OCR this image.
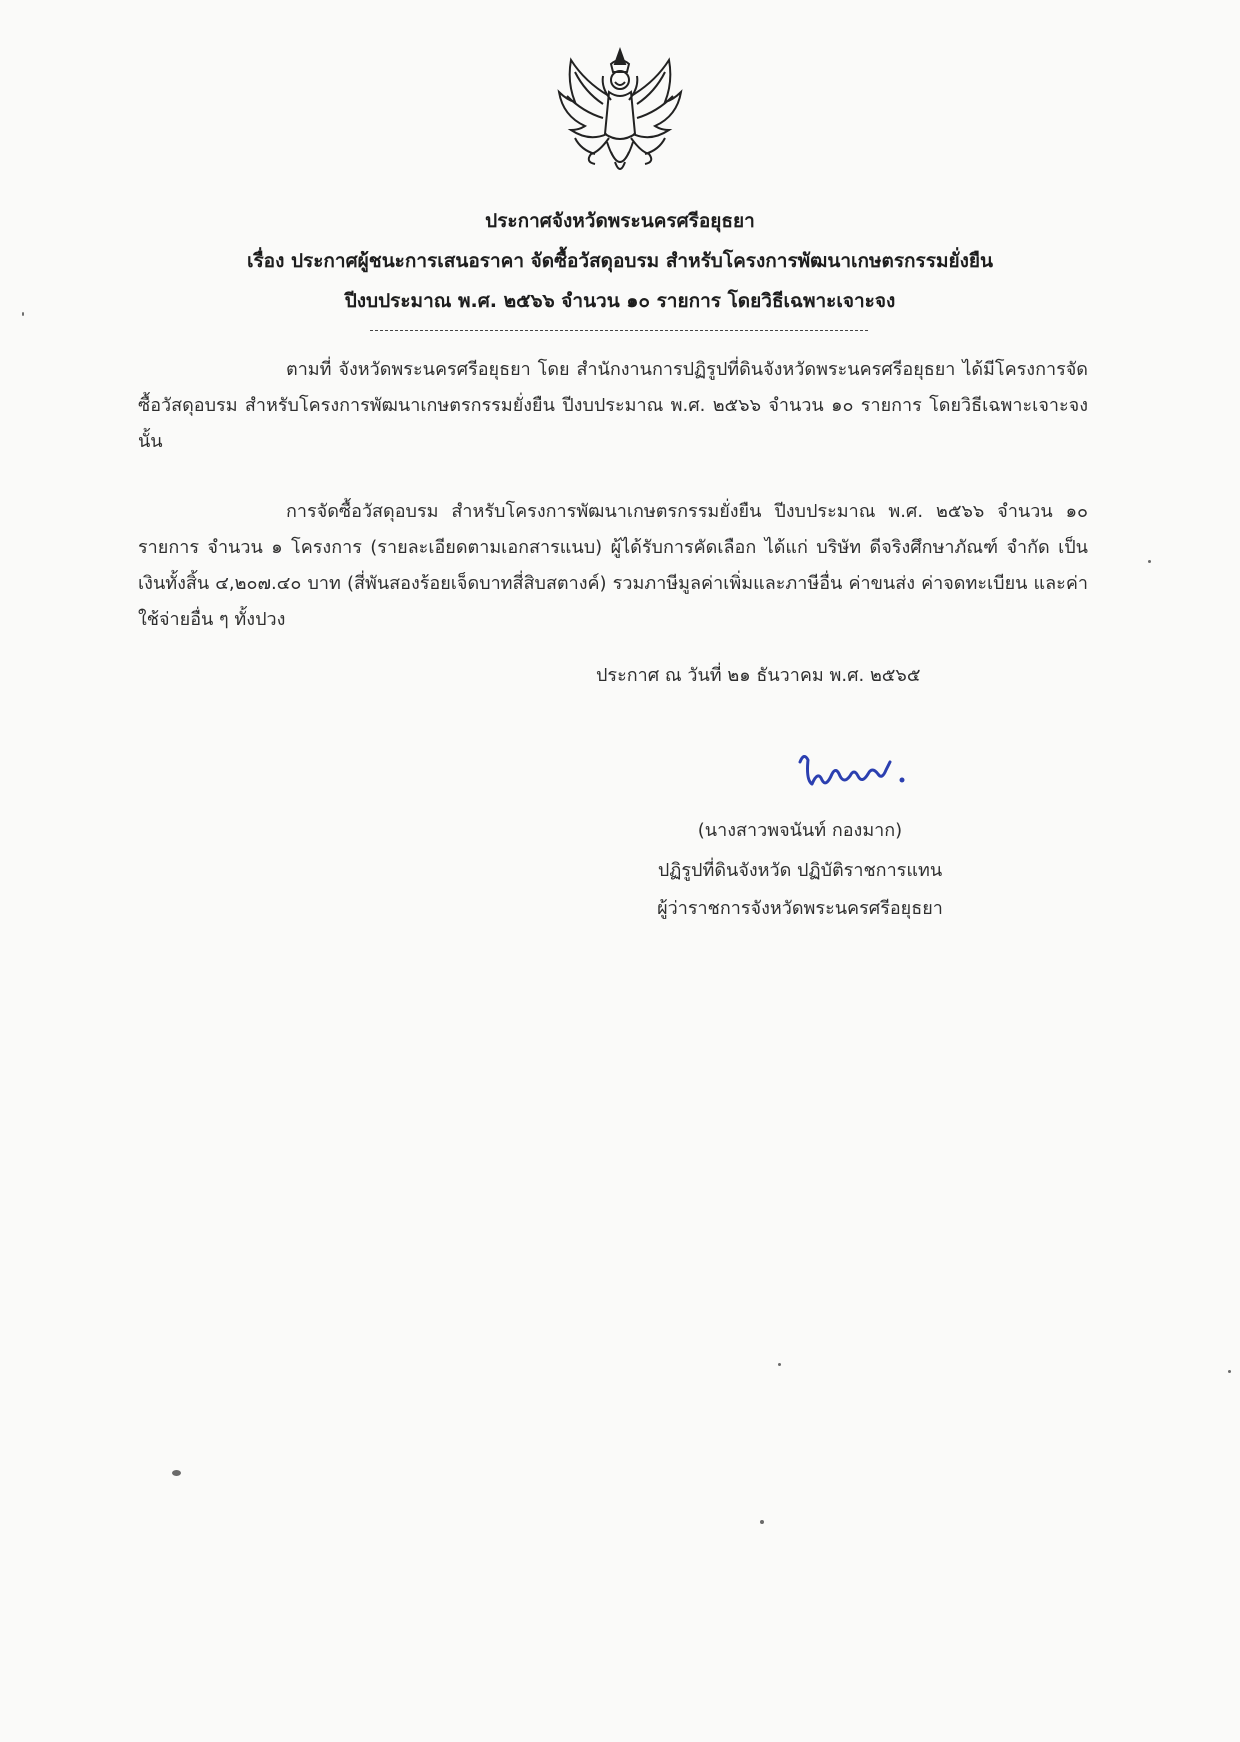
ประกาศจังหวัดพระนครศรีอยุธยา
เรื่อง ประกาศผู้ชนะการเสนอราคา จัดซื้อวัสดุอบรม สำหรับโครงการพัฒนาเกษตรกรรมยั่งยืน
ปีงบประมาณ พ.ศ. ๒๕๖๖ จำนวน ๑๐ รายการ โดยวิธีเฉพาะเจาะจง
ตามที่ จังหวัดพระนครศรีอยุธยา โดย สำนักงานการปฏิรูปที่ดินจังหวัดพระนครศรีอยุธยา ได้มีโครงการจัดซื้อวัสดุอบรม สำหรับโครงการพัฒนาเกษตรกรรมยั่งยืน ปีงบประมาณ พ.ศ. ๒๕๖๖ จำนวน ๑๐ รายการ โดยวิธีเฉพาะเจาะจง นั้น
การจัดซื้อวัสดุอบรม สำหรับโครงการพัฒนาเกษตรกรรมยั่งยืน ปีงบประมาณ พ.ศ. ๒๕๖๖ จำนวน ๑๐ รายการ จำนวน ๑ โครงการ (รายละเอียดตามเอกสารแนบ) ผู้ได้รับการคัดเลือก ได้แก่ บริษัท ดีจริงศึกษาภัณฑ์ จำกัด เป็นเงินทั้งสิ้น ๔,๒๐๗.๔๐ บาท (สี่พันสองร้อยเจ็ดบาทสี่สิบสตางค์) รวมภาษีมูลค่าเพิ่มและภาษีอื่น ค่าขนส่ง ค่าจดทะเบียน และค่าใช้จ่ายอื่น ๆ ทั้งปวง
ประกาศ ณ วันที่ ๒๑ ธันวาคม พ.ศ. ๒๕๖๕
(นางสาวพจนันท์ กองมาก)
ปฏิรูปที่ดินจังหวัด ปฏิบัติราชการแทน
ผู้ว่าราชการจังหวัดพระนครศรีอยุธยา
